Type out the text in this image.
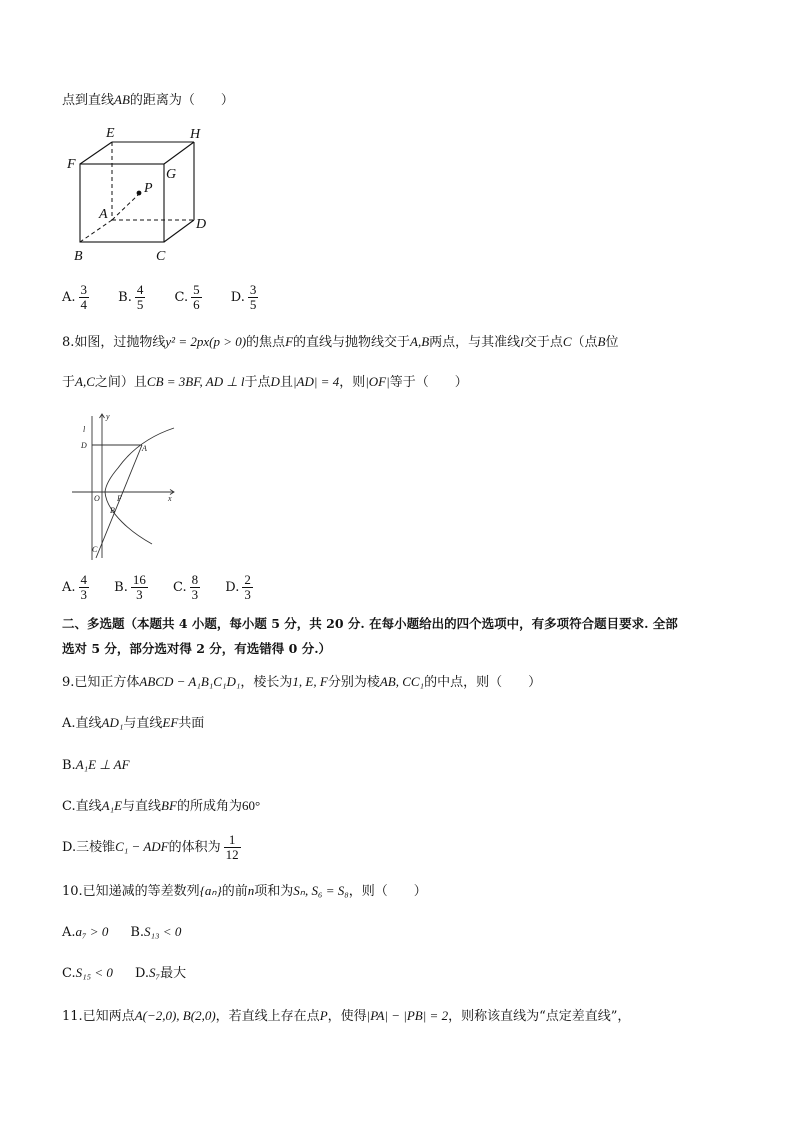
点到直线AB的距离为（　　）
E	H
F
G
P
A
D
B	C
A. $\frac{3}{4} B$. $\frac{4}{5} C$. $\frac{5}{6} D$. $\frac{3}{5}$
8.如图，过抛物线y² = 2px(p > 0)的焦点F的直线与抛物线交于A,B两点，与其准线l交于点C（点B位
于A,C之间）且CB = 3BF, AD ⊥ l于点D且|AD| = 4，则|OF|等于（　　）
y
l
D	A
O F	x
B
C
A. $\frac{4}{3} B$. $\frac{16}{3} C$. $\frac{8}{3} D$. $\frac{2}{3}$
二、多选题（本题共 4 小题，每小题 5 分，共 20 分. 在每小题给出的四个选项中，有多项符合题目要求. 全部
选对 5 分，部分选对得 2 分，有选错得 0 分.）
9.已知正方体ABCD − A₁B₁C₁D₁，棱长为1, E, F分别为棱AB, CC₁的中点，则（　　）
A.直线AD₁与直线EF共面
B.A₁E ⊥ AF
C.直线A₁E与直线BF的所成角为60°
D.三棱锥C₁ − ADF的体积为 $\frac{1}{12}$
10.已知递减的等差数列{aₙ}的前n项和为Sₙ, S₆ = S₈，则（　　）
A.a₇ > 0 B.S₁₃ < 0
C.S₁₅ < 0 D.S₇最大
11.已知两点A(−2,0), B(2,0)，若直线上存在点P，使得|PA| − |PB| = 2，则称该直线为“点定差直线”，
